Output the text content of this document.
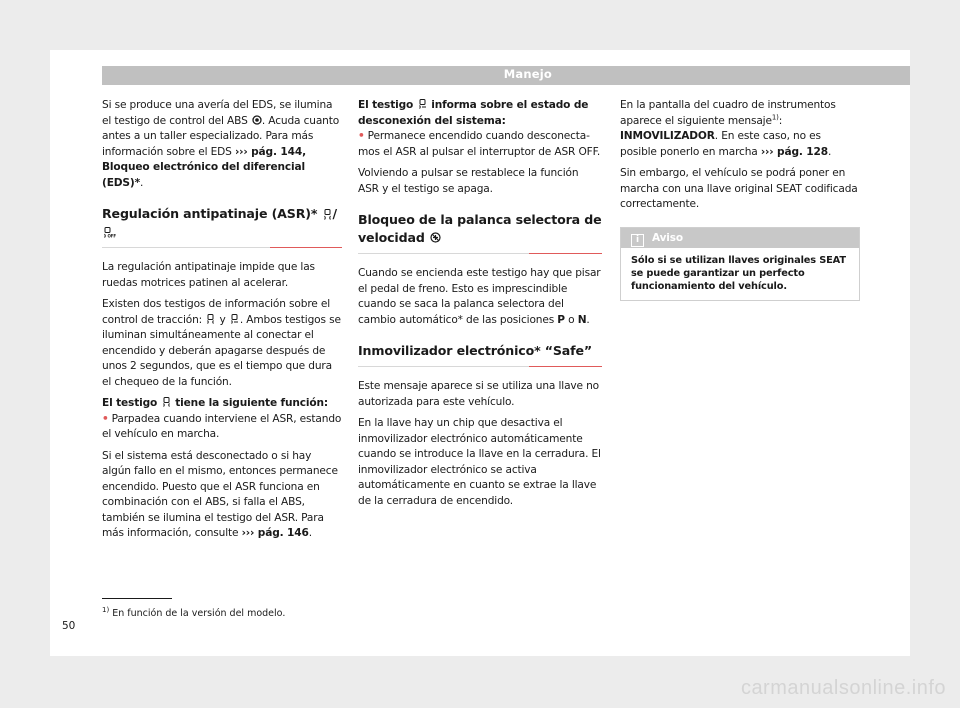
Manejo

Si se produce una avería del EDS, se ilumina el testigo de control del ABS
. Acuda cuanto antes a un taller especializado. Para más información sobre el EDS ››› pág. 144, Bloqueo electrónico del diferencial (EDS)*.

Regulación antipatinaje (ASR)*
/
OFF

La regulación antipatinaje impide que las ruedas motrices patinen al acelerar.

Existen dos testigos de información sobre el control de tracción:
y
. Ambos testigos se iluminan simultáneamente al conectar el encendido y deberán apagarse después de unos 2 segundos, que es el tiempo que dura el chequeo de la función.

El testigo
tiene la siguiente función:

• Parpadea cuando interviene el ASR, estando el vehículo en marcha.

Si el sistema está desconectado o si hay algún fallo en el mismo, entonces permanece encendido. Puesto que el ASR funciona en combinación con el ABS, si falla el ABS, también se ilumina el testigo del ASR. Para más información, consulte ››› pág. 146.

El testigo
informa sobre el estado de desconexión del sistema:

• Permanece encendido cuando desconectamos el ASR al pulsar el interruptor de ASR OFF.

Volviendo a pulsar se restablece la función ASR y el testigo se apaga.

Bloqueo de la palanca selectora de velocidad

Cuando se encienda este testigo hay que pisar el pedal de freno. Esto es imprescindible cuando se saca la palanca selectora del cambio automático* de las posiciones P o N.

Inmovilizador electrónico* “Safe”

Este mensaje aparece si se utiliza una llave no autorizada para este vehículo.

En la llave hay un chip que desactiva el inmovilizador electrónico automáticamente cuando se introduce la llave en la cerradura. El inmovilizador electrónico se activa automáticamente en cuanto se extrae la llave de la cerradura de encendido.

En la pantalla del cuadro de instrumentos aparece el siguiente mensaje$^{1)}$: INMOVILIZADOR. En este caso, no es posible ponerlo en marcha ››› pág. 128.

Sin embargo, el vehículo se podrá poner en marcha con una llave original SEAT codificada correctamente.

i Aviso
Sólo si se utilizan llaves originales SEAT se puede garantizar un perfecto funcionamiento del vehículo.
$^{1)}$ En función de la versión del modelo.
50
carmanualsonline.info
